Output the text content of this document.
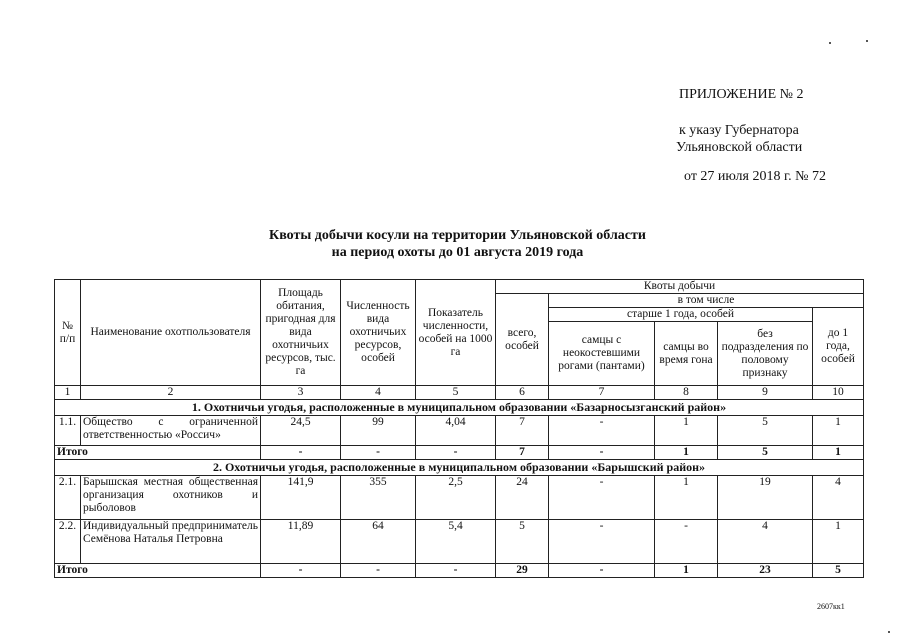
ПРИЛОЖЕНИЕ № 2
к указу Губернатора
Ульяновской области
от 27 июля 2018 г. № 72
Квоты добычи косули на территории Ульяновской области
на период охоты до 01 августа 2019 года
№ п/п	Наименование охотпользователя	Площадь обитания, пригодная для вида охотничьих ресурсов, тыс. га	Численность вида охотничьих ресурсов, особей	Показатель численности, особей на 1000 га	Квоты добычи				
					всего, особей	в том числе			
						старше 1 года, особей			до 1 года, особей
						самцы с неокостевшими рогами (пантами)	самцы во время гона	без подразделения по половому признаку	
1	2	3	4	5	6	7	8	9	10
1. Охотничьи угодья, расположенные в муниципальном образовании «Базарносызганский район»									
1.1.	Общество с ограниченной ответственностью «Россич»	24,5	99	4,04	7	-	1	5	1
Итого		-	-	-	7	-	1	5	1
2. Охотничьи угодья, расположенные в муниципальном образовании «Барышский район»									
2.1.	Барышская местная общественная организация охотников и рыболовов	141,9	355	2,5	24	-	1	19	4
2.2.	Индивидуальный предприниматель Семёнова Наталья Петровна	11,89	64	5,4	5	-	-	4	1
Итого		-	-	-	29	-	1	23	5
2607кк1
